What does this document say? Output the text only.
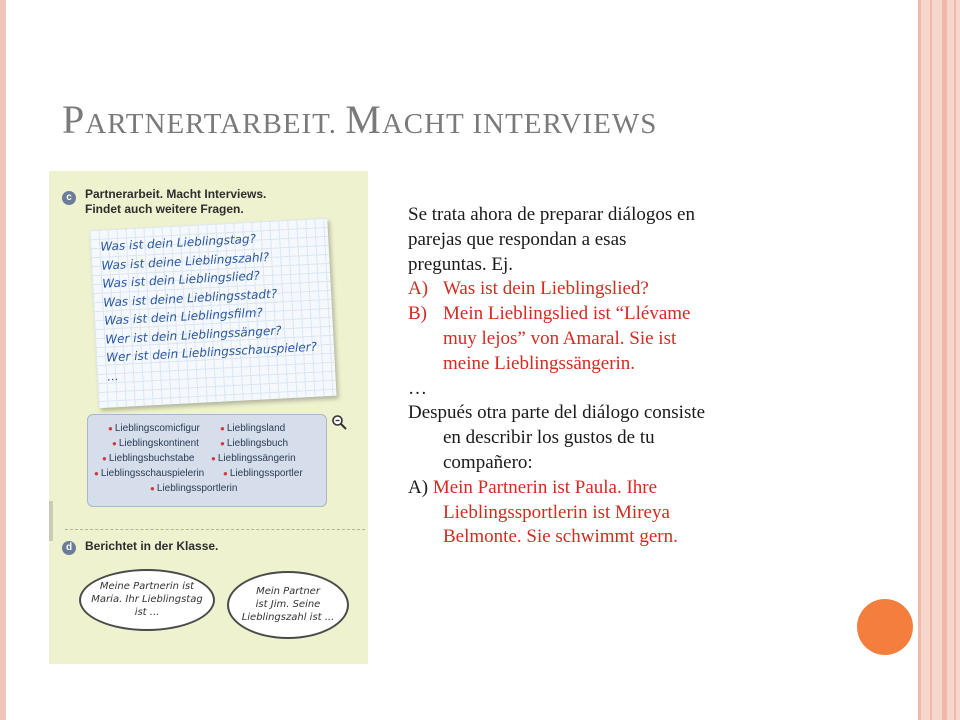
PARTNERTARBEIT. MACHT INTERVIEWS
c	Partnerarbeit. Macht Interviews.
Findet auch weitere Fragen.
Was ist dein Lieblingstag?
Was ist deine Lieblingszahl?
Was ist dein Lieblingslied?
Was ist deine Lieblingsstadt?
Was ist dein Lieblingsfilm?
Wer ist dein Lieblingssänger?
Wer ist dein Lieblingsschauspieler?
...
● Lieblingscomicfigur	● Lieblingsland
● Lieblingskontinent	● Lieblingsbuch
● Lieblingsbuchstabe	● Lieblingssängerin
● Lieblingsschauspielerin	● Lieblingssportler
● Lieblingssportlerin
d	Berichtet in der Klasse.
Meine Partnerin ist
Maria. Ihr Lieblingstag
ist ...
Mein Partner
ist Jim. Seine
Lieblingszahl ist ...

Se trata ahora de preparar diálogos en

parejas que respondan a esas

preguntas. Ej.

A) Was ist dein Lieblingslied?

B) Mein Lieblingslied ist “Llévame

muy lejos” von Amaral. Sie ist

meine Lieblingssängerin.

…

Después otra parte del diálogo consiste

en describir los gustos de tu

compañero:

A) Mein Partnerin ist Paula. Ihre

Lieblingssportlerin ist Mireya

Belmonte. Sie schwimmt gern.
